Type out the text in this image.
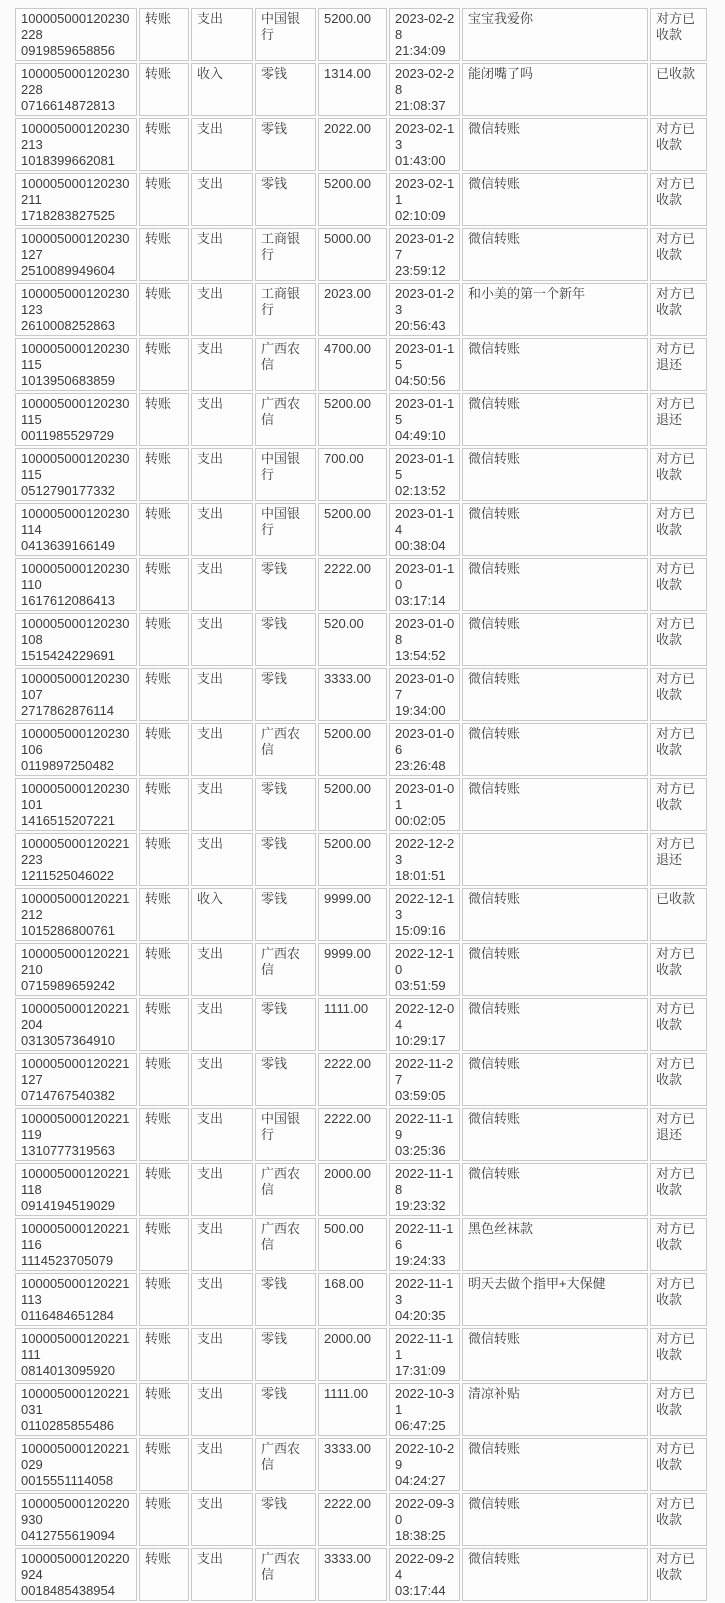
100005000120230228
0919859658856	转账	支出	中国银行	5200.00	2023-02-28
21:34:09	宝宝我爱你	对方已收款

100005000120230228
0716614872813	转账	收入	零钱	1314.00	2023-02-28
21:08:37	能闭嘴了吗	已收款

100005000120230213
1018399662081	转账	支出	零钱	2022.00	2023-02-13
01:43:00	微信转账	对方已收款

100005000120230211
1718283827525	转账	支出	零钱	5200.00	2023-02-11
02:10:09	微信转账	对方已收款

100005000120230127
2510089949604	转账	支出	工商银行	5000.00	2023-01-27
23:59:12	微信转账	对方已收款

100005000120230123
2610008252863	转账	支出	工商银行	2023.00	2023-01-23
20:56:43	和小美的第一个新年	对方已收款

100005000120230115
1013950683859	转账	支出	广西农信	4700.00	2023-01-15
04:50:56	微信转账	对方已退还

100005000120230115
0011985529729	转账	支出	广西农信	5200.00	2023-01-15
04:49:10	微信转账	对方已退还

100005000120230115
0512790177332	转账	支出	中国银行	700.00	2023-01-15
02:13:52	微信转账	对方已收款

100005000120230114
0413639166149	转账	支出	中国银行	5200.00	2023-01-14
00:38:04	微信转账	对方已收款

100005000120230110
1617612086413	转账	支出	零钱	2222.00	2023-01-10
03:17:14	微信转账	对方已收款

100005000120230108
1515424229691	转账	支出	零钱	520.00	2023-01-08
13:54:52	微信转账	对方已收款

100005000120230107
2717862876114	转账	支出	零钱	3333.00	2023-01-07
19:34:00	微信转账	对方已收款

100005000120230106
0119897250482	转账	支出	广西农信	5200.00	2023-01-06
23:26:48	微信转账	对方已收款

100005000120230101
1416515207221	转账	支出	零钱	5200.00	2023-01-01
00:02:05	微信转账	对方已收款

100005000120221223
1211525046022	转账	支出	零钱	5200.00	2022-12-23
18:01:51		对方已退还

100005000120221212
1015286800761	转账	收入	零钱	9999.00	2022-12-13
15:09:16	微信转账	已收款

100005000120221210
0715989659242	转账	支出	广西农信	9999.00	2022-12-10
03:51:59	微信转账	对方已收款

100005000120221204
0313057364910	转账	支出	零钱	1111.00	2022-12-04
10:29:17	微信转账	对方已收款

100005000120221127
0714767540382	转账	支出	零钱	2222.00	2022-11-27
03:59:05	微信转账	对方已收款

100005000120221119
1310777319563	转账	支出	中国银行	2222.00	2022-11-19
03:25:36	微信转账	对方已退还

100005000120221118
0914194519029	转账	支出	广西农信	2000.00	2022-11-18
19:23:32	微信转账	对方已收款

100005000120221116
1114523705079	转账	支出	广西农信	500.00	2022-11-16
19:24:33	黑色丝袜款	对方已收款

100005000120221113
0116484651284	转账	支出	零钱	168.00	2022-11-13
04:20:35	明天去做个指甲+大保健	对方已收款

100005000120221111
0814013095920	转账	支出	零钱	2000.00	2022-11-11
17:31:09	微信转账	对方已收款

100005000120221031
0110285855486	转账	支出	零钱	1111.00	2022-10-31
06:47:25	清凉补贴	对方已收款

100005000120221029
0015551114058	转账	支出	广西农信	3333.00	2022-10-29
04:24:27	微信转账	对方已收款

100005000120220930
0412755619094	转账	支出	零钱	2222.00	2022-09-30
18:38:25	微信转账	对方已收款

100005000120220924
0018485438954	转账	支出	广西农信	3333.00	2022-09-24
03:17:44	微信转账	对方已收款
